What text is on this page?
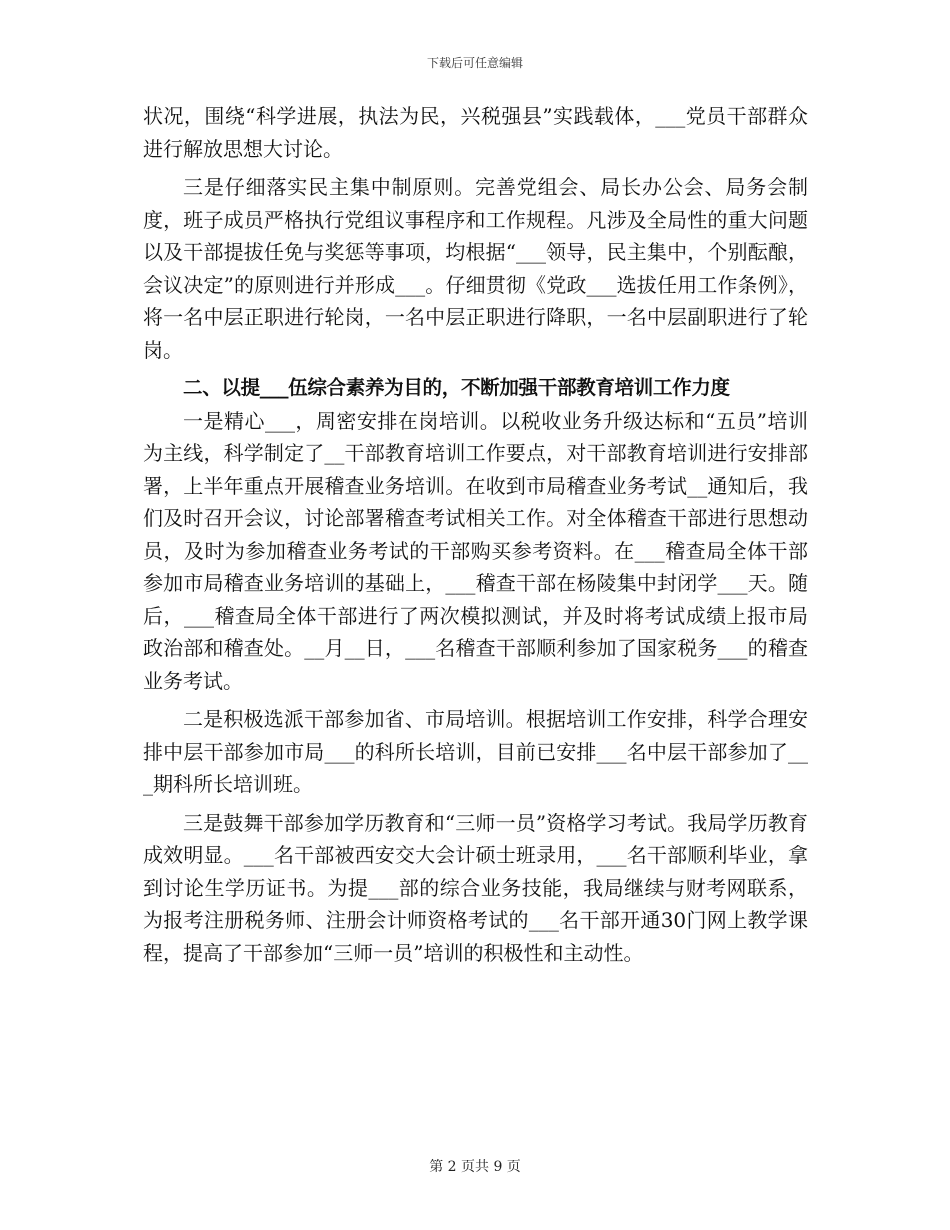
下载后可任意编辑

状况，围绕“科学进展，执法为民，兴税强县”实践载体，___党员干部群众进行解放思想大讨论。

三是仔细落实民主集中制原则。完善党组会、局长办公会、局务会制度，班子成员严格执行党组议事程序和工作规程。凡涉及全局性的重大问题以及干部提拔任免与奖惩等事项，均根据“___领导，民主集中，个别酝酿，会议决定”的原则进行并形成___。仔细贯彻《党政___选拔任用工作条例》，将一名中层正职进行轮岗，一名中层正职进行降职，一名中层副职进行了轮岗。

二、以提___伍综合素养为目的，不断加强干部教育培训工作力度

一是精心___，周密安排在岗培训。以税收业务升级达标和“五员”培训为主线，科学制定了__干部教育培训工作要点，对干部教育培训进行安排部署，上半年重点开展稽查业务培训。在收到市局稽查业务考试__通知后，我们及时召开会议，讨论部署稽查考试相关工作。对全体稽查干部进行思想动员，及时为参加稽查业务考试的干部购买参考资料。在___稽查局全体干部参加市局稽查业务培训的基础上，___稽查干部在杨陵集中封闭学___天。随后，___稽查局全体干部进行了两次模拟测试，并及时将考试成绩上报市局政治部和稽查处。__月__日，___名稽查干部顺利参加了国家税务___的稽查业务考试。

二是积极选派干部参加省、市局培训。根据培训工作安排，科学合理安排中层干部参加市局___的科所长培训，目前已安排___名中层干部参加了___期科所长培训班。

三是鼓舞干部参加学历教育和“三师一员”资格学习考试。我局学历教育成效明显。___名干部被西安交大会计硕士班录用，___名干部顺利毕业，拿到讨论生学历证书。为提___部的综合业务技能，我局继续与财考网联系，为报考注册税务师、注册会计师资格考试的___名干部开通30门网上教学课程，提高了干部参加“三师一员”培训的积极性和主动性。

第 2 页共 9 页
